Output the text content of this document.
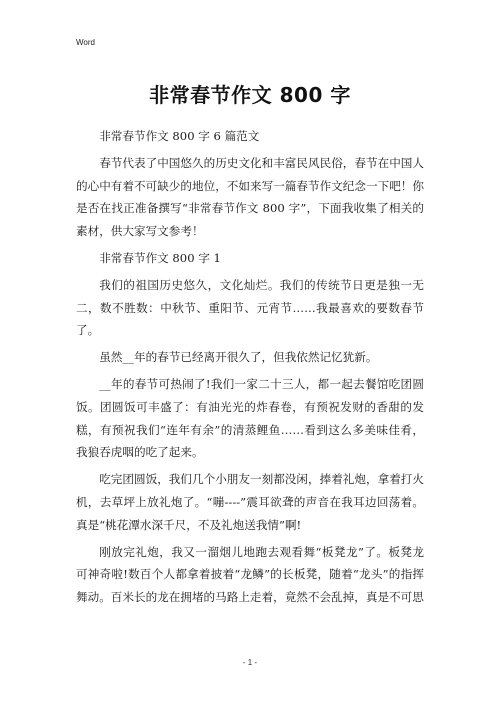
Word
非常春节作文 800 字

非常春节作文 800 字 6 篇范文

春节代表了中国悠久的历史文化和丰富民风民俗，春节在中国人的心中有着不可缺少的地位，不如来写一篇春节作文纪念一下吧！你是否在找正准备撰写“非常春节作文 800 字”，下面我收集了相关的素材，供大家写文参考！

非常春节作文 800 字 1

我们的祖国历史悠久，文化灿烂。我们的传统节日更是独一无二，数不胜数：中秋节、重阳节、元宵节……我最喜欢的要数春节了。

虽然__年的春节已经离开很久了，但我依然记忆犹新。

__年的春节可热闹了!我们一家二十三人，都一起去餐馆吃团圆饭。团圆饭可丰盛了：有油光光的炸春卷，有预祝发财的香甜的发糕，有预祝我们“连年有余”的清蒸鲤鱼……看到这么多美味佳肴，我狼吞虎咽的吃了起来。

吃完团圆饭，我们几个小朋友一刻都没闲，捧着礼炮，拿着打火机，去草坪上放礼炮了。“嘣----”震耳欲聋的声音在我耳边回荡着。真是“桃花潭水深千尺，不及礼炮送我情”啊!

刚放完礼炮，我又一溜烟儿地跑去观看舞“板凳龙”了。板凳龙可神奇啦!数百个人都拿着披着“龙鳞”的长板凳，随着“龙头”的指挥舞动。百米长的龙在拥堵的马路上走着，竟然不会乱掉，真是不可思

- 1 -
